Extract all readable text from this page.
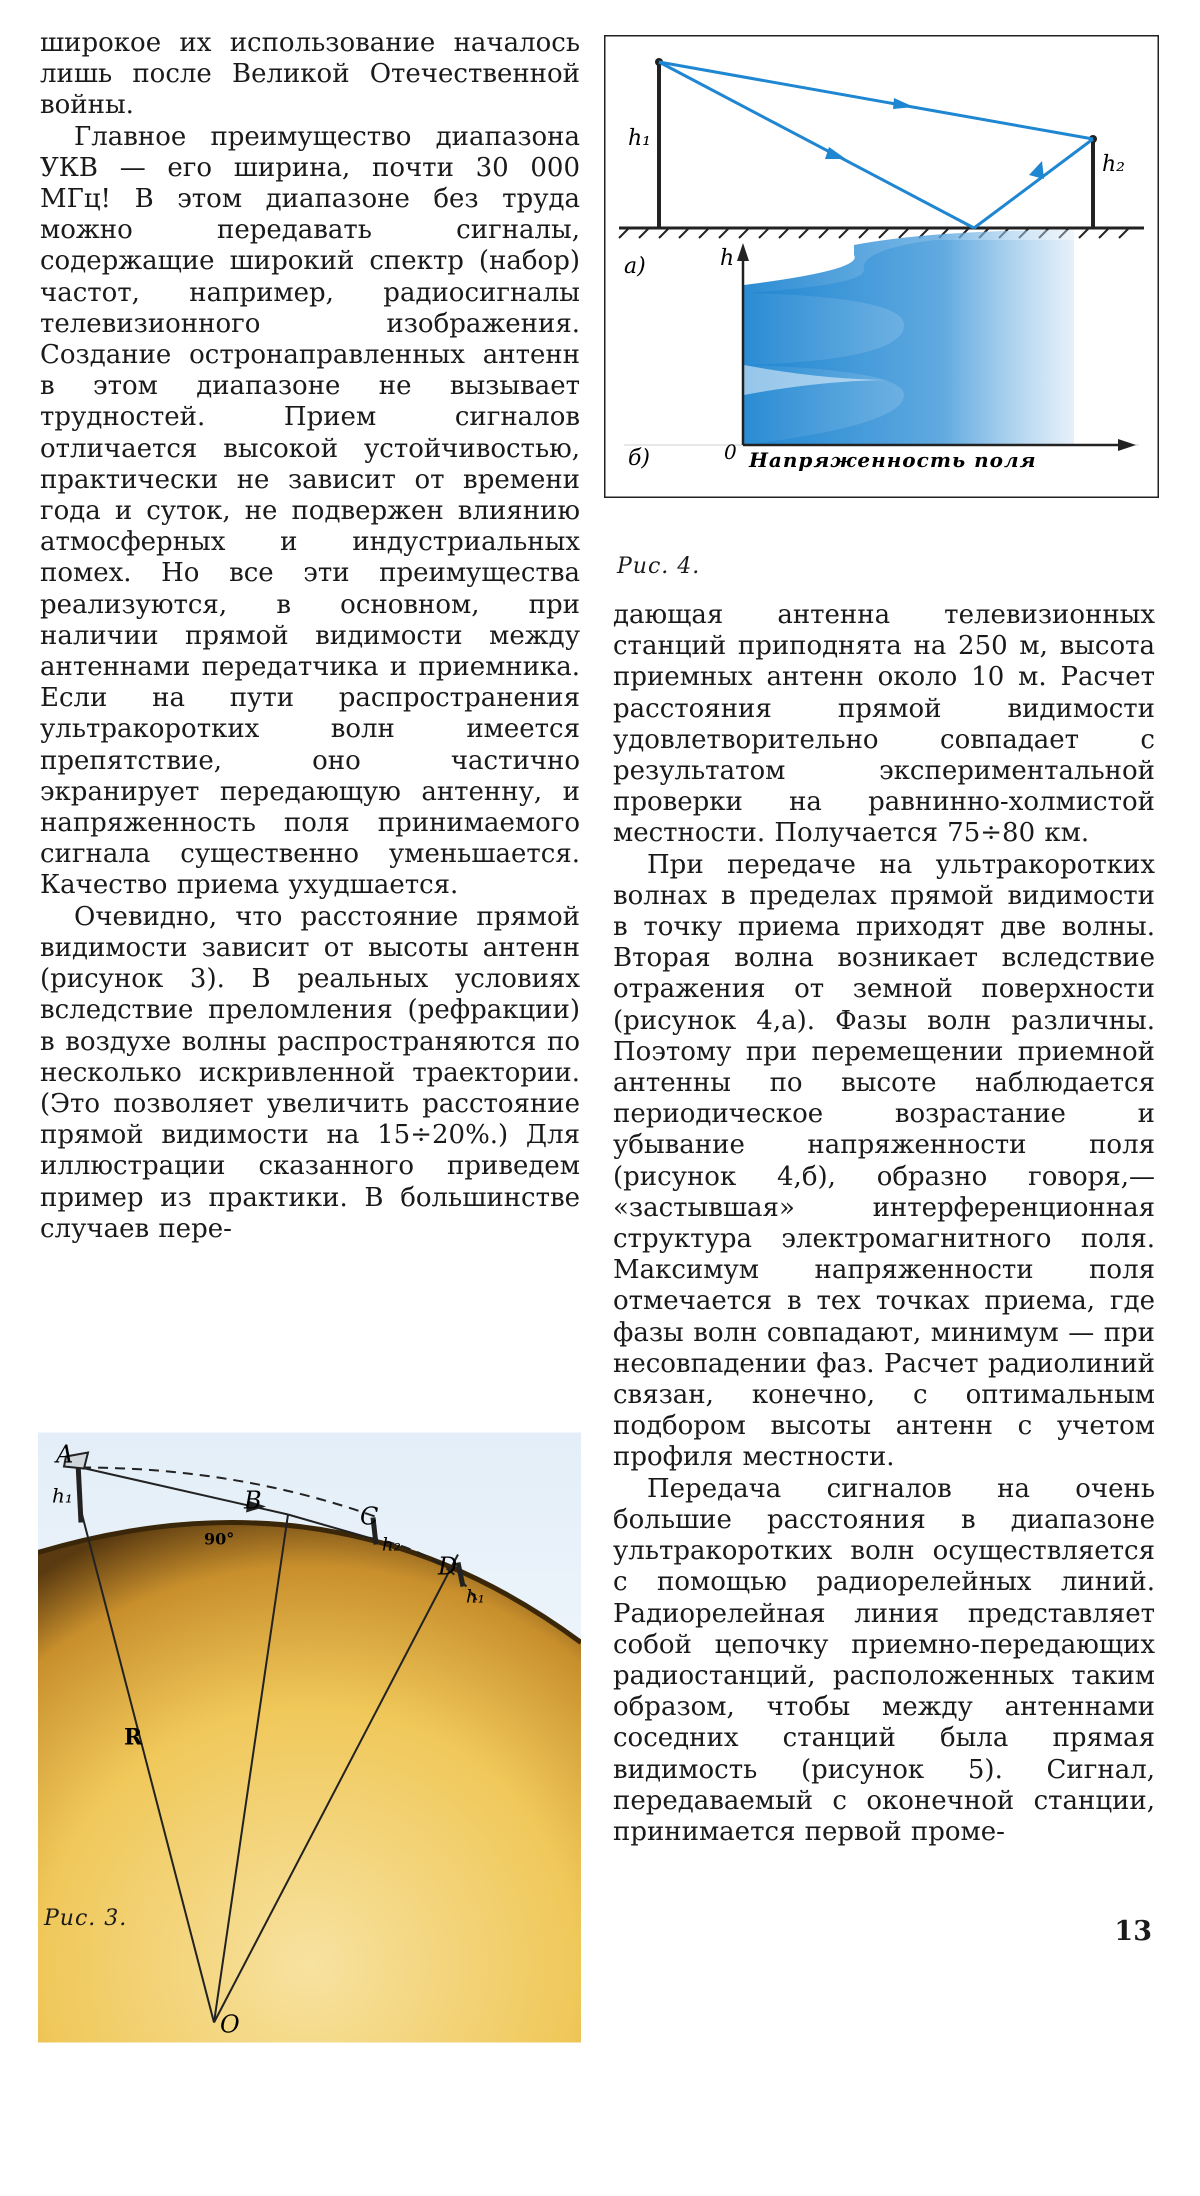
широкое их использование началось лишь после Великой Отечественной войны.

Главное преимущество диапазона УКВ — его ширина, почти 30 000 МГц! В этом диапазоне без труда можно передавать сигналы, содержащие широкий спектр (набор) частот, например, радиосигналы телевизионного изображения. Создание остронаправленных антенн в этом диапазоне не вызывает трудностей. Прием сигналов отличается высокой устойчивостью, практически не зависит от времени года и суток, не подвержен влиянию атмосферных и индустриальных помех. Но все эти преимущества реализуются, в основном, при наличии прямой видимости между антеннами передатчика и приемника. Если на пути распространения ультракоротких волн имеется препятствие, оно частично экранирует передающую антенну, и напряженность поля принимаемого сигнала существенно уменьшается. Качество приема ухудшается.

Очевидно, что расстояние прямой видимости зависит от высоты антенн (рисунок 3). В реальных условиях вследствие преломления (рефракции) в воздухе волны распространяются по несколько искривленной траектории. (Это позволяет увеличить расстояние прямой видимости на 15÷20%.) Для иллюстрации сказанного приведем пример из практики. В большинстве случаев пере-

дающая антенна телевизионных станций приподнята на 250 м, высота приемных антенн около 10 м. Расчет расстояния прямой видимости удовлетворительно совпадает с результатом экспериментальной проверки на равнинно-холмистой местности. Получается 75÷80 км.

При передаче на ультракоротких волнах в пределах прямой видимости в точку приема приходят две волны. Вторая волна возникает вследствие отражения от земной поверхности (рисунок 4,а). Фазы волн различны. Поэтому при перемещении приемной антенны по высоте наблюдается периодическое возрастание и убывание напряженности поля (рисунок 4,б), образно говоря,— «застывшая» интерференционная структура электромагнитного поля. Максимум напряженности поля отмечается в тех точках приема, где фазы волн совпадают, минимум — при несовпадении фаз. Расчет радиолиний связан, конечно, с оптимальным подбором высоты антенн с учетом профиля местности.

Передача сигналов на очень большие расстояния в диапазоне ультракоротких волн осуществляется с помощью радиорелейных линий. Радиорелейная линия представляет собой цепочку приемно-передающих радиостанций, расположенных таким образом, чтобы между антеннами соседних станций была прямая видимость (рисунок 5). Сигнал, передаваемый с оконечной станции, принимается первой проме-

A
h₁	B
90°
C
h₂
D
h₁
R
O
Рис. 3.
h₁
h₂
а)	h
0 Напряженность поля
б)
Рис. 4.
13
